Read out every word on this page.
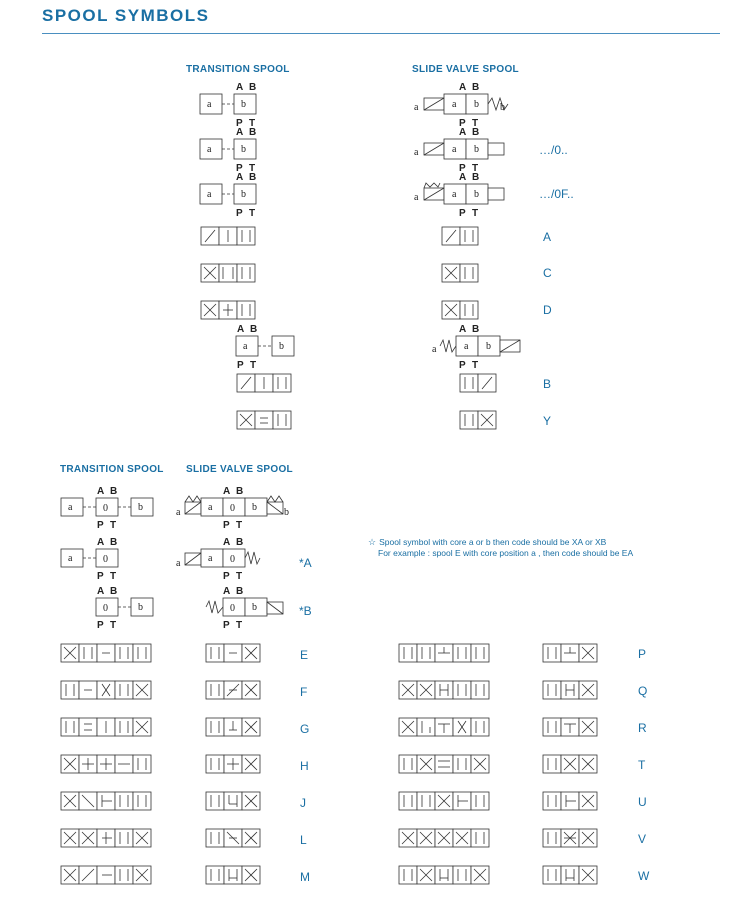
SPOOL SYMBOLS
TRANSITION SPOOL	SLIDE VALVE SPOOL
TRANSITION SPOOL SLIDE VALVE SPOOL
A B
a	b
P T
A B
a	b
P T
A B
a	b
P T
A B
a	b
P T
A B
a	a b b
P T
A B
a	a b
P T
A B
a	a b
P T
A B
a	a b
P T
…/0..
…/0F..
A
C
D
B
Y
A B
a	0	b
P T
A B
a	0
P T
A B
0	b
P T
A B
a	a 0 b	b
P T
A B
a	a 0
P T
A B
0 b
P T
*A
*B
☆ Spool symbol with core a or b then code should be XA or XB
For example : spool E with core position a , then code should be EA
E
F
G
H
J
L
M
P
Q
R
T
U
V
W
